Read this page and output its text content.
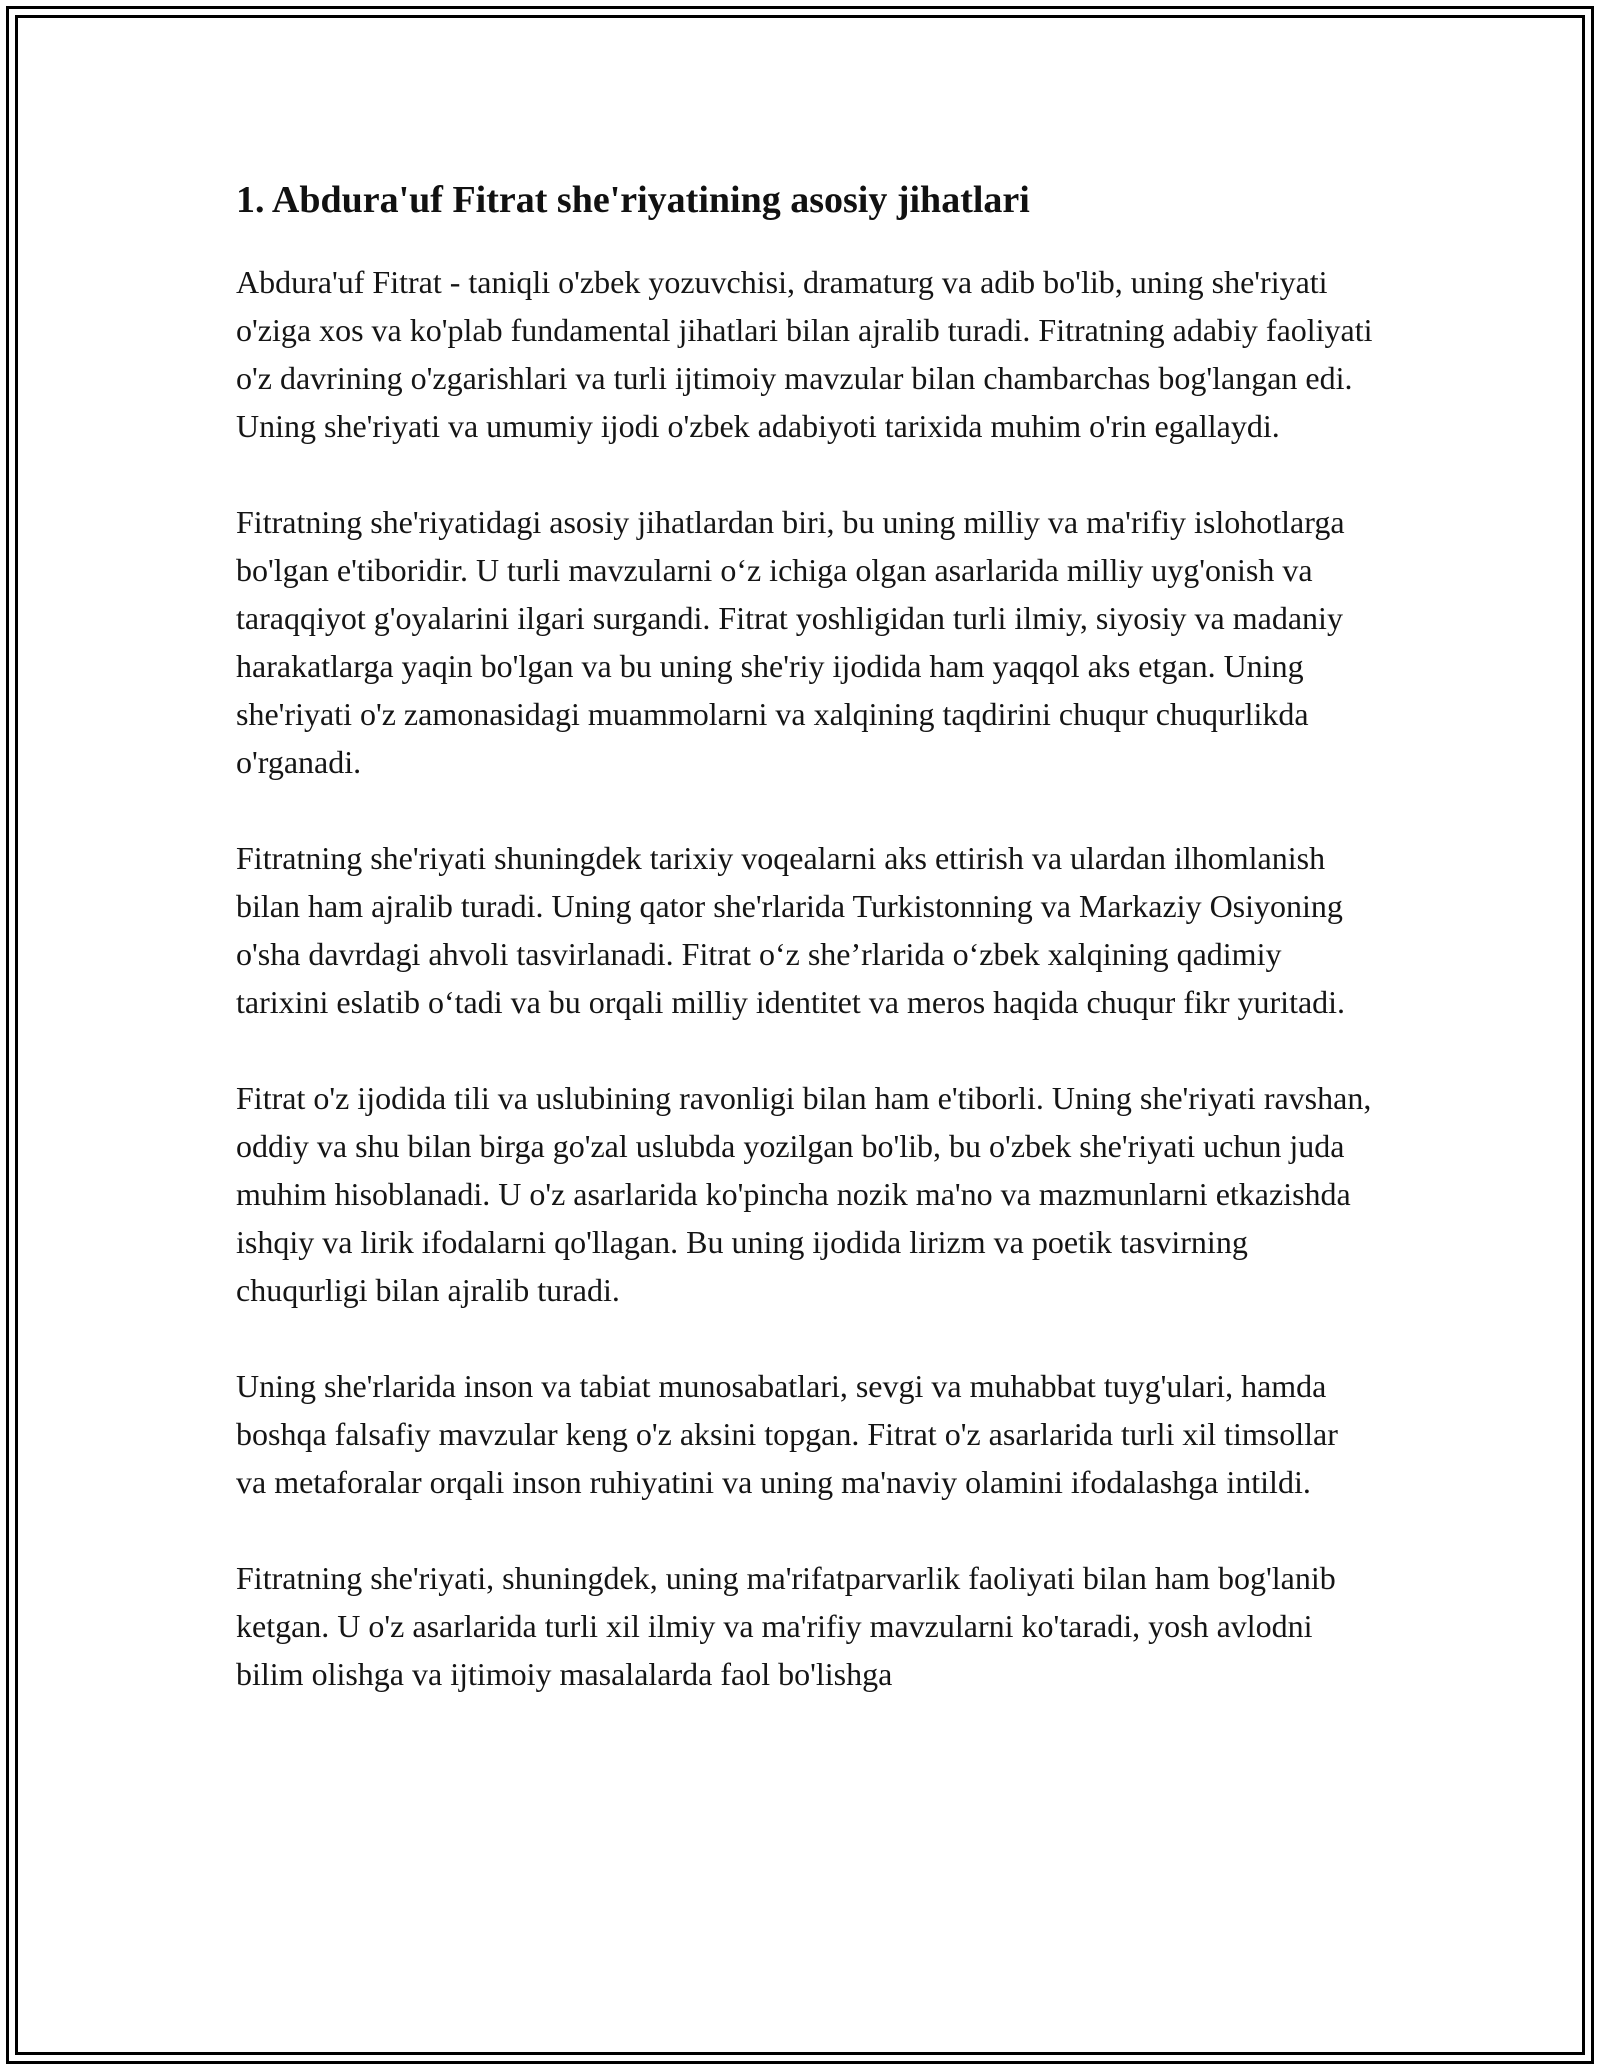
1. Abdura'uf Fitrat she'riyatining asosiy jihatlari

Abdura'uf Fitrat - taniqli o'zbek yozuvchisi, dramaturg va adib bo'lib, uning she'riyati o'ziga xos va ko'plab fundamental jihatlari bilan ajralib turadi. Fitratning adabiy faoliyati o'z davrining o'zgarishlari va turli ijtimoiy mavzular bilan chambarchas bog'langan edi. Uning she'riyati va umumiy ijodi o'zbek adabiyoti tarixida muhim o'rin egallaydi.

Fitratning she'riyatidagi asosiy jihatlardan biri, bu uning milliy va ma'rifiy islohotlarga bo'lgan e'tiboridir. U turli mavzularni o‘z ichiga olgan asarlarida milliy uyg'onish va taraqqiyot g'oyalarini ilgari surgandi. Fitrat yoshligidan turli ilmiy, siyosiy va madaniy harakatlarga yaqin bo'lgan va bu uning she'riy ijodida ham yaqqol aks etgan. Uning she'riyati o'z zamonasidagi muammolarni va xalqining taqdirini chuqur chuqurlikda o'rganadi.

Fitratning she'riyati shuningdek tarixiy voqealarni aks ettirish va ulardan ilhomlanish bilan ham ajralib turadi. Uning qator she'rlarida Turkistonning va Markaziy Osiyoning o'sha davrdagi ahvoli tasvirlanadi. Fitrat o‘z she’rlarida o‘zbek xalqining qadimiy tarixini eslatib o‘tadi va bu orqali milliy identitet va meros haqida chuqur fikr yuritadi.

Fitrat o'z ijodida tili va uslubining ravonligi bilan ham e'tiborli. Uning she'riyati ravshan, oddiy va shu bilan birga go'zal uslubda yozilgan bo'lib, bu o'zbek she'riyati uchun juda muhim hisoblanadi. U o'z asarlarida ko'pincha nozik ma'no va mazmunlarni etkazishda ishqiy va lirik ifodalarni qo'llagan. Bu uning ijodida lirizm va poetik tasvirning chuqurligi bilan ajralib turadi.

Uning she'rlarida inson va tabiat munosabatlari, sevgi va muhabbat tuyg'ulari, hamda boshqa falsafiy mavzular keng o'z aksini topgan. Fitrat o'z asarlarida turli xil timsollar va metaforalar orqali inson ruhiyatini va uning ma'naviy olamini ifodalashga intildi.

Fitratning she'riyati, shuningdek, uning ma'rifatparvarlik faoliyati bilan ham bog'lanib ketgan. U o'z asarlarida turli xil ilmiy va ma'rifiy mavzularni ko'taradi, yosh avlodni bilim olishga va ijtimoiy masalalarda faol bo'lishga
